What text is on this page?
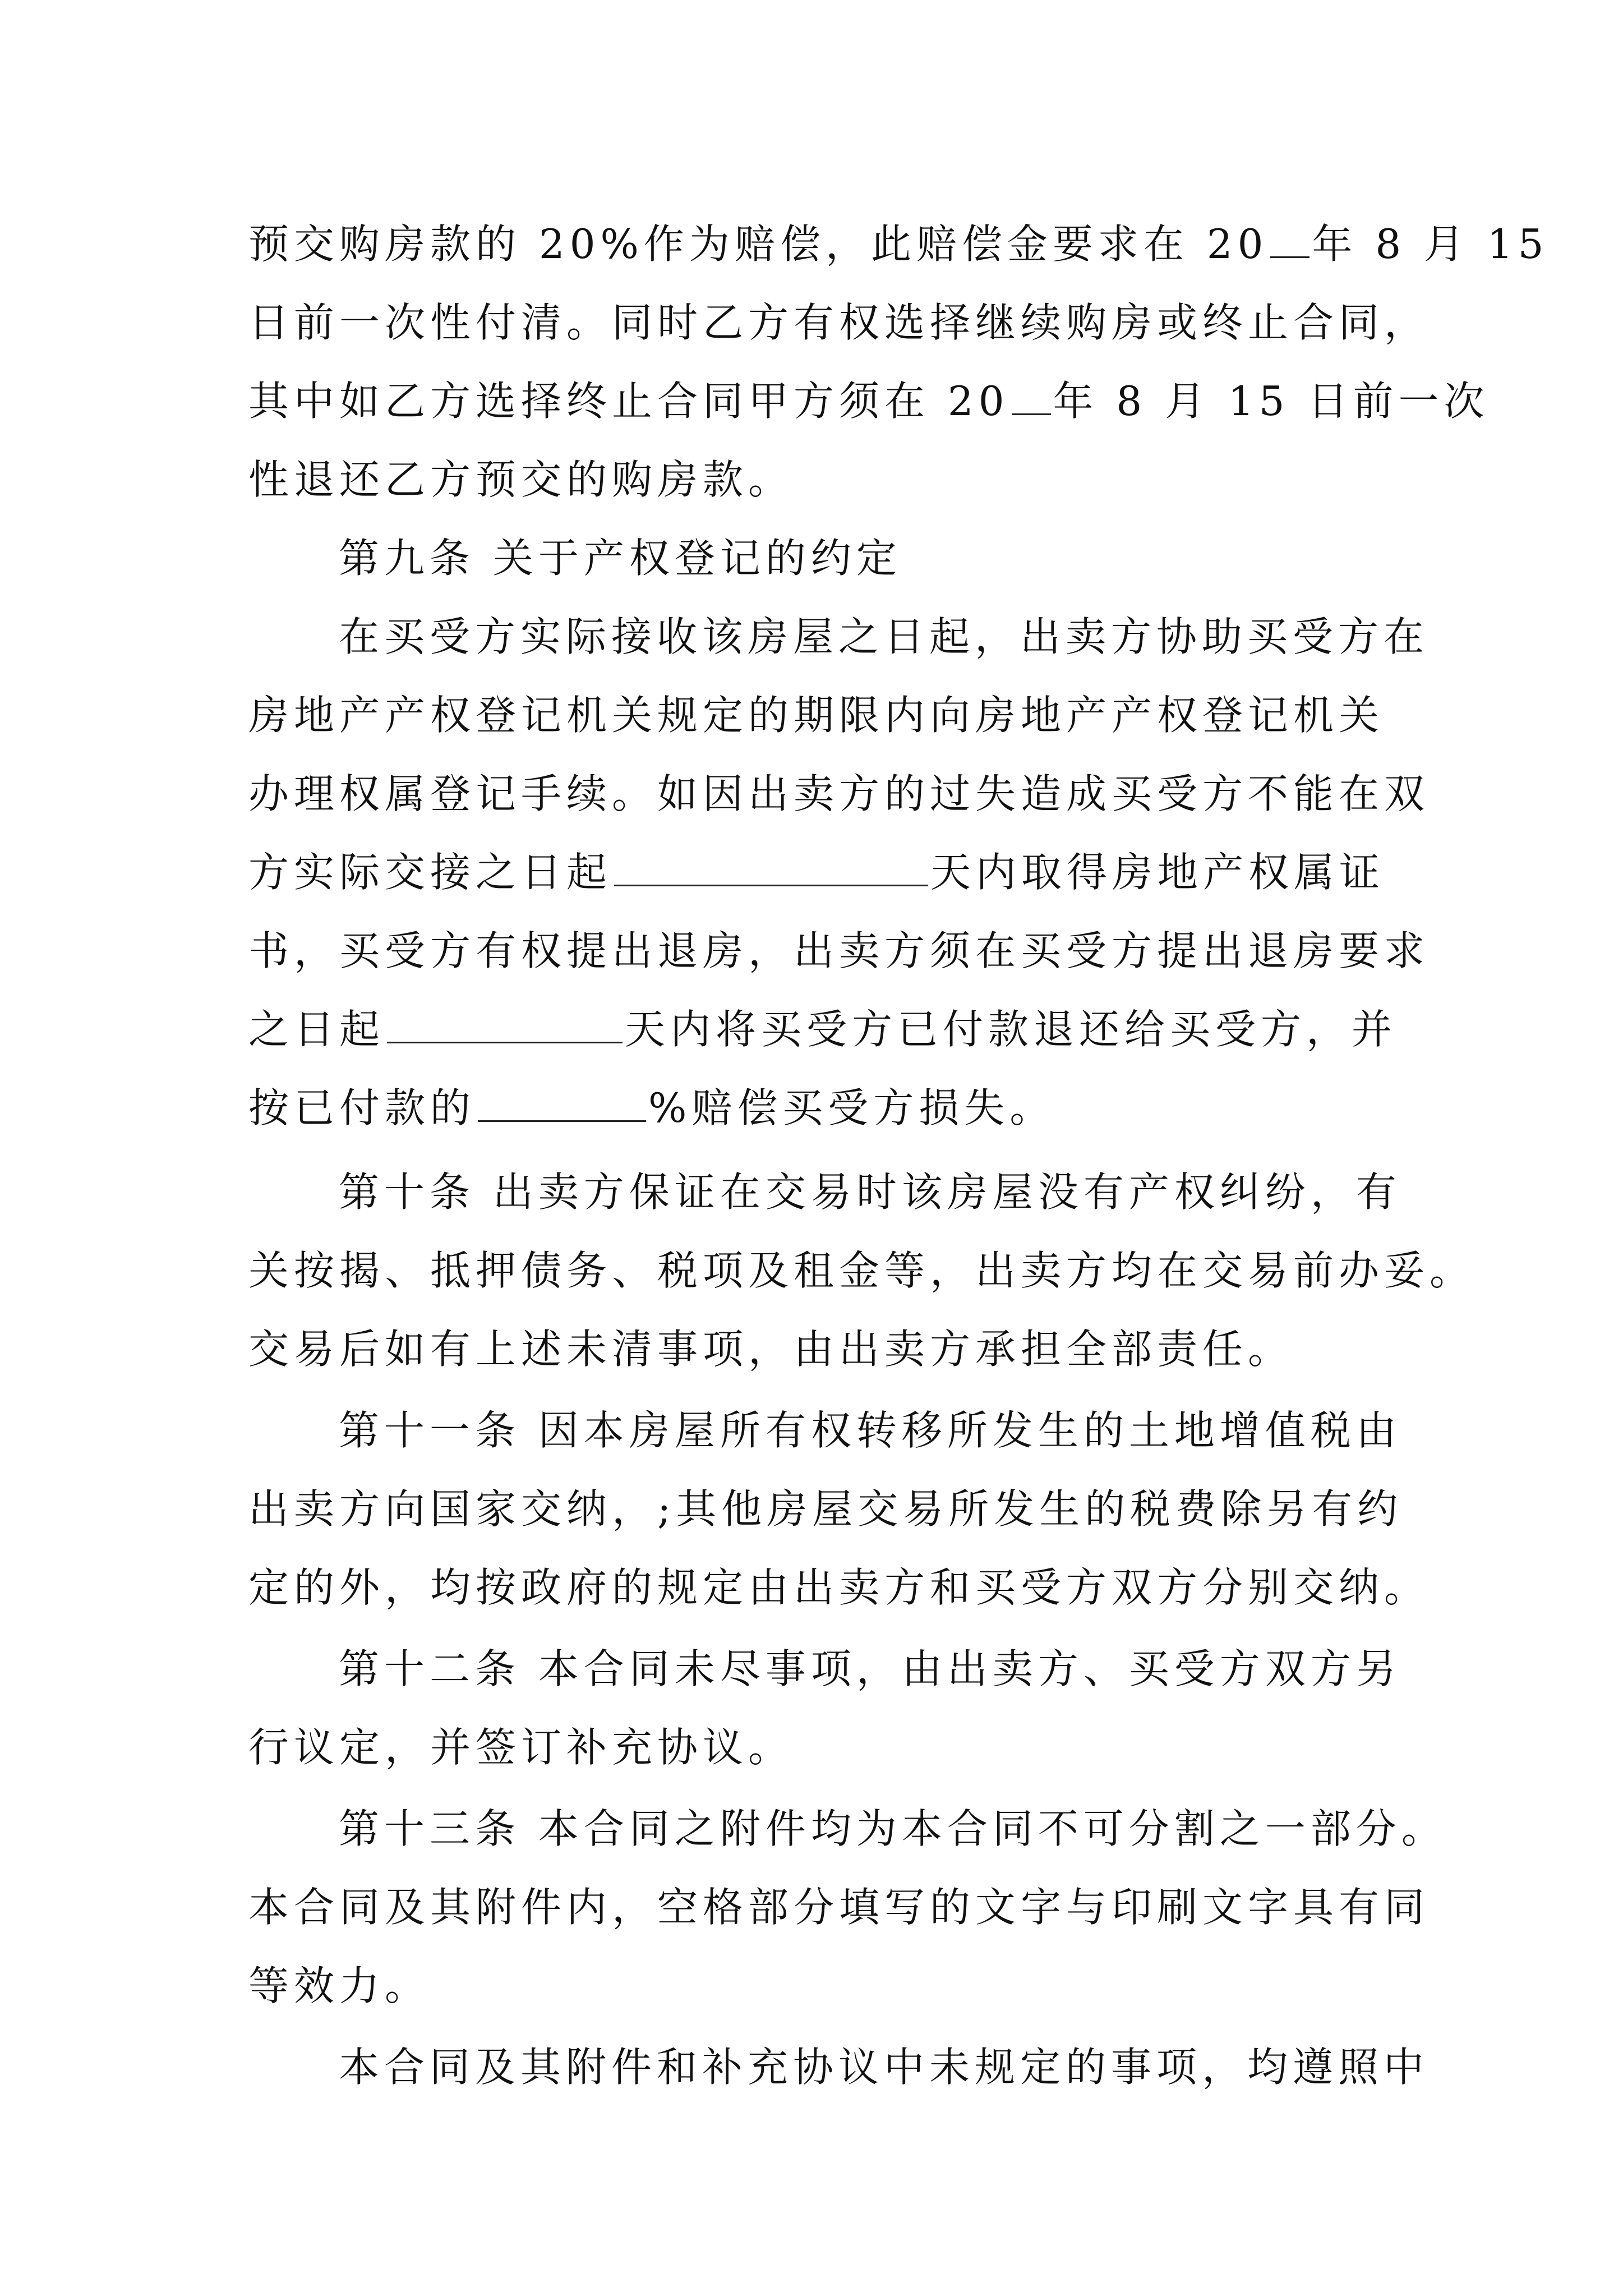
预交购房款的 20%作为赔偿，此赔偿金要求在 20 年 8 月 15
日前一次性付清。同时乙方有权选择继续购房或终止合同，
其中如乙方选择终止合同甲方须在 20 年 8 月 15 日前一次
性退还乙方预交的购房款。
第九条 关于产权登记的约定
在买受方实际接收该房屋之日起，出卖方协助买受方在
房地产产权登记机关规定的期限内向房地产产权登记机关
办理权属登记手续。如因出卖方的过失造成买受方不能在双
方实际交接之日起	天内取得房地产权属证
书，买受方有权提出退房，出卖方须在买受方提出退房要求
之日起	天内将买受方已付款退还给买受方，并
按已付款的	%赔偿买受方损失。
第十条 出卖方保证在交易时该房屋没有产权纠纷，有
关按揭、抵押债务、税项及租金等，出卖方均在交易前办妥。
交易后如有上述未清事项，由出卖方承担全部责任。
第十一条 因本房屋所有权转移所发生的土地增值税由
出卖方向国家交纳，;其他房屋交易所发生的税费除另有约
定的外，均按政府的规定由出卖方和买受方双方分别交纳。
第十二条 本合同未尽事项，由出卖方、买受方双方另
行议定，并签订补充协议。
第十三条 本合同之附件均为本合同不可分割之一部分。
本合同及其附件内，空格部分填写的文字与印刷文字具有同
等效力。
本合同及其附件和补充协议中未规定的事项，均遵照中
